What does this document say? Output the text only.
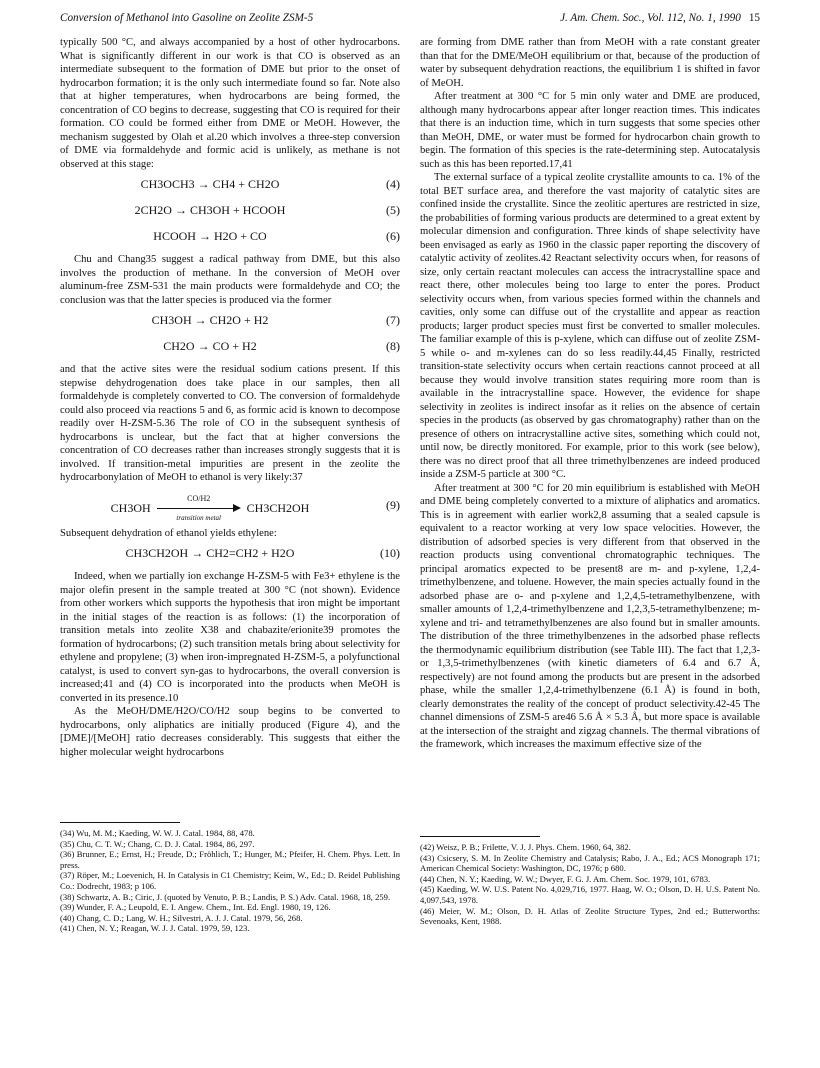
Conversion of Methanol into Gasoline on Zeolite ZSM-5	J. Am. Chem. Soc., Vol. 112, No. 1, 1990 15

typically 500 °C, and always accompanied by a host of other hydrocarbons. What is significantly different in our work is that CO is observed as an intermediate subsequent to the formation of DME but prior to the onset of hydrocarbon formation; it is the only such intermediate found so far. Note also that at higher temperatures, when hydrocarbons are being formed, the concentration of CO begins to decrease, suggesting that CO is required for their formation. CO could be formed either from DME or MeOH. However, the mechanism suggested by Olah et al.20 which involves a three-step conversion of DME via formaldehyde and formic acid is unlikely, as methane is not observed at this stage:

CH3OCH3 → CH4 + CH2O	(4)
2CH2O → CH3OH + HCOOH	(5)
HCOOH → H2O + CO	(6)

Chu and Chang35 suggest a radical pathway from DME, but this also involves the production of methane. In the conversion of MeOH over aluminum-free ZSM-531 the main products were formaldehyde and CO; the conclusion was that the latter species is produced via the former

CH3OH → CH2O + H2	(7)
CH2O → CO + H2	(8)

and that the active sites were the residual sodium cations present. If this stepwise dehydrogenation does take place in our samples, then all formaldehyde is completely converted to CO. The conversion of formaldehyde could also proceed via reactions 5 and 6, as formic acid is known to decompose readily over H-ZSM-5.36 The role of CO in the subsequent synthesis of hydrocarbons is unclear, but the fact that at higher conversions the concentration of CO decreases rather than increases strongly suggests that it is involved. If transition-metal impurities are present in the zeolite the hydrocarbonylation of MeOH to ethanol is very likely:37

CH3OH
CO/H2
transition metal
CH3CH2OH	(9)

Subsequent dehydration of ethanol yields ethylene:

CH3CH2OH → CH2=CH2 + H2O	(10)

Indeed, when we partially ion exchange H-ZSM-5 with Fe3+ ethylene is the major olefin present in the sample treated at 300 °C (not shown). Evidence from other workers which supports the hypothesis that iron might be important in the initial stages of the reaction is as follows: (1) the incorporation of transition metals into zeolite X38 and chabazite/erionite39 promotes the formation of hydrocarbons; (2) such transition metals bring about selectivity for ethylene and propylene; (3) when iron-impregnated H-ZSM-5, a polyfunctional catalyst, is used to convert syn-gas to hydrocarbons, the overall conversion is increased;41 and (4) CO is incorporated into the products when MeOH is converted in its presence.10

As the MeOH/DME/H2O/CO/H2 soup begins to be converted to hydrocarbons, only aliphatics are initially produced (Figure 4), and the [DME]/[MeOH] ratio decreases considerably. This suggests that either the higher molecular weight hydrocarbons

are forming from DME rather than from MeOH with a rate constant greater than that for the DME/MeOH equilibrium or that, because of the production of water by subsequent dehydration reactions, the equilibrium 1 is shifted in favor of MeOH.

After treatment at 300 °C for 5 min only water and DME are produced, although many hydrocarbons appear after longer reaction times. This indicates that there is an induction time, which in turn suggests that some species other than MeOH, DME, or water must be formed for hydrocarbon chain growth to begin. The formation of this species is the rate-determining step. Autocatalysis such as this has been reported.17,41

The external surface of a typical zeolite crystallite amounts to ca. 1% of the total BET surface area, and therefore the vast majority of catalytic sites are confined inside the crystallite. Since the zeolitic apertures are restricted in size, the probabilities of forming various products are determined to a great extent by molecular dimension and configuration. Three kinds of shape selectivity have been envisaged as early as 1960 in the classic paper reporting the discovery of catalytic activity of zeolites.42 Reactant selectivity occurs when, for reasons of size, only certain reactant molecules can access the intracrystalline space and react there, other molecules being too large to enter the pores. Product selectivity occurs when, from various species formed within the channels and cavities, only some can diffuse out of the crystallite and appear as reaction products; larger product species must first be converted to smaller molecules. The familiar example of this is p-xylene, which can diffuse out of zeolite ZSM-5 while o- and m-xylenes can do so less readily.44,45 Finally, restricted transition-state selectivity occurs when certain reactions cannot proceed at all because they would involve transition states requiring more room than is available in the intracrystalline space. However, the evidence for shape selectivity in zeolites is indirect insofar as it relies on the absence of certain species in the products (as observed by gas chromatography) rather than on the presence of others on intracrystalline active sites, something which could not, until now, be directly monitored. For example, prior to this work (see below), there was no direct proof that all three trimethylbenzenes are indeed produced inside a ZSM-5 particle at 300 °C.

After treatment at 300 °C for 20 min equilibrium is established with MeOH and DME being completely converted to a mixture of aliphatics and aromatics. This is in agreement with earlier work2,8 assuming that a sealed capsule is equivalent to a reactor working at very low space velocities. However, the distribution of adsorbed species is very different from that observed in the reaction products using conventional chromatographic techniques. The principal aromatics expected to be present8 are m- and p-xylene, 1,2,4-trimethylbenzene, and toluene. However, the main species actually found in the adsorbed phase are o- and p-xylene and 1,2,4,5-tetramethylbenzene, with smaller amounts of 1,2,4-trimethylbenzene and 1,2,3,5-tetramethylbenzene; m-xylene and tri- and tetramethylbenzenes are also found but in smaller amounts. The distribution of the three trimethylbenzenes in the adsorbed phase reflects the thermodynamic equilibrium distribution (see Table III). The fact that 1,2,3- or 1,3,5-trimethylbenzenes (with kinetic diameters of 6.4 and 6.7 Å, respectively) are not found among the products but are present in the adsorbed phase, while the smaller 1,2,4-trimethylbenzene (6.1 Å) is found in both, clearly demonstrates the reality of the concept of product selectivity.42-45 The channel dimensions of ZSM-5 are46 5.6 Å × 5.3 Å, but more space is available at the intersection of the straight and zigzag channels. The thermal vibrations of the framework, which increases the maximum effective size of the

(34) Wu, M. M.; Kaeding, W. W. J. Catal. 1984, 88, 478.

(35) Chu, C. T. W.; Chang, C. D. J. Catal. 1984, 86, 297.

(36) Brunner, E.; Ernst, H.; Freude, D.; Fröhlich, T.; Hunger, M.; Pfeifer, H. Chem. Phys. Lett. In press.

(37) Röper, M.; Loevenich, H. In Catalysis in C1 Chemistry; Keim, W., Ed.; D. Reidel Publishing Co.: Dodrecht, 1983; p 106.

(38) Schwartz, A. B.; Ciric, J. (quoted by Venuto, P. B.; Landis, P. S.) Adv. Catal. 1968, 18, 259.

(39) Wunder, F. A.; Leupold, E. I. Angew. Chem., Int. Ed. Engl. 1980, 19, 126.

(40) Chang, C. D.; Lang, W. H.; Silvestri, A. J. J. Catal. 1979, 56, 268.

(41) Chen, N. Y.; Reagan, W. J. J. Catal. 1979, 59, 123.

(42) Weisz, P. B.; Frilette, V. J. J. Phys. Chem. 1960, 64, 382.

(43) Csicsery, S. M. In Zeolite Chemistry and Catalysis; Rabo, J. A., Ed.; ACS Monograph 171; American Chemical Society: Washington, DC, 1976; p 680.

(44) Chen, N. Y.; Kaeding, W. W.; Dwyer, F. G. J. Am. Chem. Soc. 1979, 101, 6783.

(45) Kaeding, W. W. U.S. Patent No. 4,029,716, 1977. Haag, W. O.; Olson, D. H. U.S. Patent No. 4,097,543, 1978.

(46) Meier, W. M.; Olson, D. H. Atlas of Zeolite Structure Types, 2nd ed.; Butterworths: Sevenoaks, Kent, 1988.
